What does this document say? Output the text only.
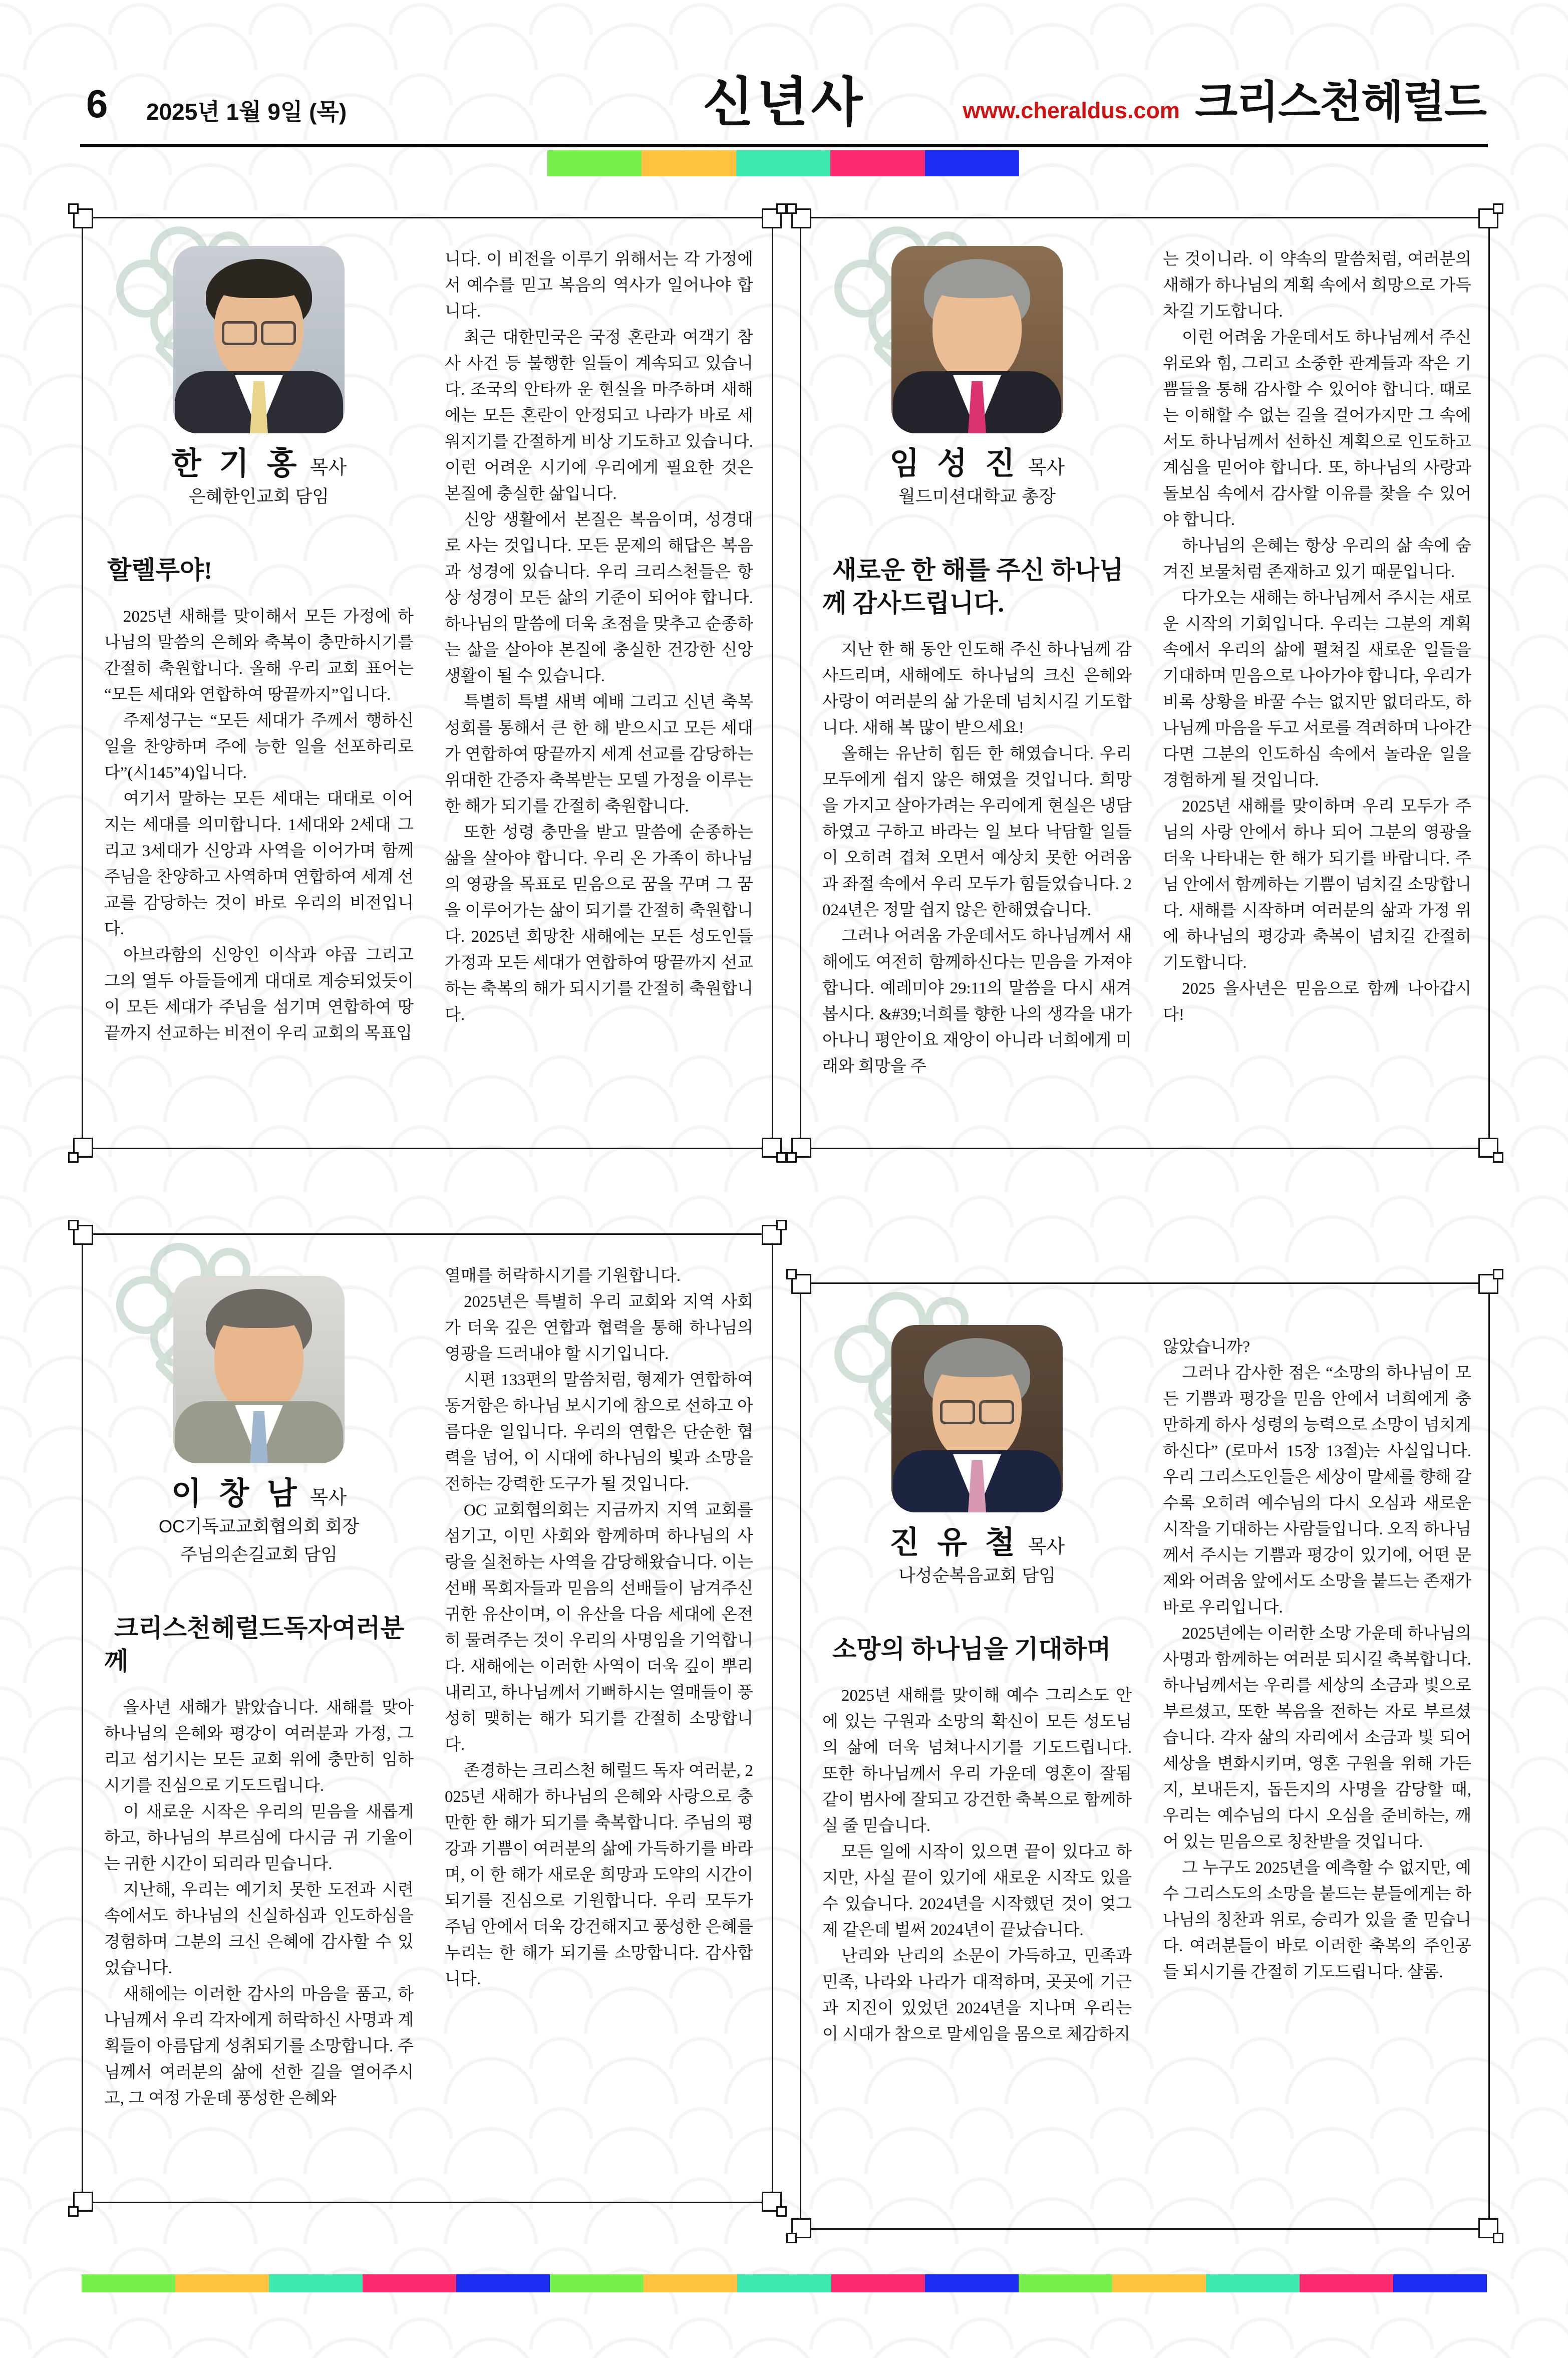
6 2025년 1월 9일 (목)	신년사	www.cheraldus.com 크리스천헤럴드
한 기 홍 목사
은혜한인교회 담임
할렐루야!

2025년 새해를 맞이해서 모든 가정에 하나님의 말씀의 은혜와 축복이 충만하시기를 간절히 축원합니다. 올해 우리 교회 표어는 “모든 세대와 연합하여 땅끝까지”입니다.

주제성구는 “모든 세대가 주께서 행하신 일을 찬양하며 주에 능한 일을 선포하리로다”(시145”4)입니다.

여기서 말하는 모든 세대는 대대로 이어지는 세대를 의미합니다. 1세대와 2세대 그리고 3세대가 신앙과 사역을 이어가며 함께 주님을 찬양하고 사역하며 연합하여 세계 선교를 감당하는 것이 바로 우리의 비전입니다.

아브라함의 신앙인 이삭과 야곱 그리고 그의 열두 아들들에게 대대로 계승되었듯이 이 모든 세대가 주님을 섬기며 연합하여 땅끝까지 선교하는 비전이 우리 교회의 목표입

니다. 이 비전을 이루기 위해서는 각 가정에서 예수를 믿고 복음의 역사가 일어나야 합니다.

최근 대한민국은 국정 혼란과 여객기 참사 사건 등 불행한 일들이 계속되고 있습니다. 조국의 안타까 운 현실을 마주하며 새해에는 모든 혼란이 안정되고 나라가 바로 세워지기를 간절하게 비상 기도하고 있습니다. 이런 어려운 시기에 우리에게 필요한 것은 본질에 충실한 삶입니다.

신앙 생활에서 본질은 복음이며, 성경대로 사는 것입니다. 모든 문제의 해답은 복음과 성경에 있습니다. 우리 크리스천들은 항상 성경이 모든 삶의 기준이 되어야 합니다. 하나님의 말씀에 더욱 초점을 맞추고 순종하는 삶을 살아야 본질에 충실한 건강한 신앙 생활이 될 수 있습니다.

특별히 특별 새벽 예배 그리고 신년 축복성회를 통해서 큰 한 해 받으시고 모든 세대가 연합하여 땅끝까지 세계 선교를 감당하는 위대한 간증자 축복받는 모델 가정을 이루는 한 해가 되기를 간절히 축원합니다.

또한 성령 충만을 받고 말씀에 순종하는 삶을 살아야 합니다. 우리 온 가족이 하나님의 영광을 목표로 믿음으로 꿈을 꾸며 그 꿈을 이루어가는 삶이 되기를 간절히 축원합니다. 2025년 희망찬 새해에는 모든 성도인들 가정과 모든 세대가 연합하여 땅끝까지 선교하는 축복의 해가 되시기를 간절히 축원합니다.

임 성 진 목사
월드미션대학교 총장
새로운 한 해를 주신 하나님께 감사드립니다.

지난 한 해 동안 인도해 주신 하나님께 감사드리며, 새해에도 하나님의 크신 은혜와 사랑이 여러분의 삶 가운데 넘치시길 기도합니다. 새해 복 많이 받으세요!

올해는 유난히 힘든 한 해였습니다. 우리 모두에게 쉽지 않은 해였을 것입니다. 희망을 가지고 살아가려는 우리에게 현실은 냉담하였고 구하고 바라는 일 보다 낙담할 일들이 오히려 겹쳐 오면서 예상치 못한 어려움과 좌절 속에서 우리 모두가 힘들었습니다. 2024년은 정말 쉽지 않은 한해였습니다.

그러나 어려움 가운데서도 하나님께서 새해에도 여전히 함께하신다는 믿음을 가져야 합니다. 예레미야 29:11의 말씀을 다시 새겨 봅시다. &#39;너희를 향한 나의 생각을 내가 아나니 평안이요 재앙이 아니라 너희에게 미래와 희망을 주

는 것이니라. 이 약속의 말씀처럼, 여러분의 새해가 하나님의 계획 속에서 희망으로 가득 차길 기도합니다.

이런 어려움 가운데서도 하나님께서 주신 위로와 힘, 그리고 소중한 관계들과 작은 기쁨들을 통해 감사할 수 있어야 합니다. 때로는 이해할 수 없는 길을 걸어가지만 그 속에서도 하나님께서 선하신 계획으로 인도하고 계심을 믿어야 합니다. 또, 하나님의 사랑과 돌보심 속에서 감사할 이유를 찾을 수 있어야 합니다.

하나님의 은혜는 항상 우리의 삶 속에 숨겨진 보물처럼 존재하고 있기 때문입니다.

다가오는 새해는 하나님께서 주시는 새로운 시작의 기회입니다. 우리는 그분의 계획 속에서 우리의 삶에 펼쳐질 새로운 일들을 기대하며 믿음으로 나아가야 합니다, 우리가 비록 상황을 바꿀 수는 없지만 없더라도, 하나님께 마음을 두고 서로를 격려하며 나아간다면 그분의 인도하심 속에서 놀라운 일을 경험하게 될 것입니다.

2025년 새해를 맞이하며 우리 모두가 주님의 사랑 안에서 하나 되어 그분의 영광을 더욱 나타내는 한 해가 되기를 바랍니다. 주님 안에서 함께하는 기쁨이 넘치길 소망합니다. 새해를 시작하며 여러분의 삶과 가정 위에 하나님의 평강과 축복이 넘치길 간절히 기도합니다.

2025 을사년은 믿음으로 함께 나아갑시다!

이 창 남 목사
OC기독교교회협의회 회장
주님의손길교회 담임
크리스천헤럴드독자여러분께

을사년 새해가 밝았습니다. 새해를 맞아 하나님의 은혜와 평강이 여러분과 가정, 그리고 섬기시는 모든 교회 위에 충만히 임하시기를 진심으로 기도드립니다.

이 새로운 시작은 우리의 믿음을 새롭게 하고, 하나님의 부르심에 다시금 귀 기울이는 귀한 시간이 되리라 믿습니다.

지난해, 우리는 예기치 못한 도전과 시련 속에서도 하나님의 신실하심과 인도하심을 경험하며 그분의 크신 은혜에 감사할 수 있었습니다.

새해에는 이러한 감사의 마음을 품고, 하나님께서 우리 각자에게 허락하신 사명과 계획들이 아름답게 성취되기를 소망합니다. 주님께서 여러분의 삶에 선한 길을 열어주시고, 그 여정 가운데 풍성한 은혜와

열매를 허락하시기를 기원합니다.

2025년은 특별히 우리 교회와 지역 사회가 더욱 깊은 연합과 협력을 통해 하나님의 영광을 드러내야 할 시기입니다.

시편 133편의 말씀처럼, 형제가 연합하여 동거함은 하나님 보시기에 참으로 선하고 아름다운 일입니다. 우리의 연합은 단순한 협력을 넘어, 이 시대에 하나님의 빛과 소망을 전하는 강력한 도구가 될 것입니다.

OC 교회협의회는 지금까지 지역 교회를 섬기고, 이민 사회와 함께하며 하나님의 사랑을 실천하는 사역을 감당해왔습니다. 이는 선배 목회자들과 믿음의 선배들이 남겨주신 귀한 유산이며, 이 유산을 다음 세대에 온전히 물려주는 것이 우리의 사명임을 기억합니다. 새해에는 이러한 사역이 더욱 깊이 뿌리내리고, 하나님께서 기뻐하시는 열매들이 풍성히 맺히는 해가 되기를 간절히 소망합니다.

존경하는 크리스천 헤럴드 독자 여러분, 2025년 새해가 하나님의 은혜와 사랑으로 충만한 한 해가 되기를 축복합니다. 주님의 평강과 기쁨이 여러분의 삶에 가득하기를 바라며, 이 한 해가 새로운 희망과 도약의 시간이 되기를 진심으로 기원합니다. 우리 모두가 주님 안에서 더욱 강건해지고 풍성한 은혜를 누리는 한 해가 되기를 소망합니다. 감사합니다.

진 유 철 목사
나성순복음교회 담임
소망의 하나님을 기대하며

2025년 새해를 맞이해 예수 그리스도 안에 있는 구원과 소망의 확신이 모든 성도님의 삶에 더욱 넘쳐나시기를 기도드립니다. 또한 하나님께서 우리 가운데 영혼이 잘됨 같이 범사에 잘되고 강건한 축복으로 함께하실 줄 믿습니다.

모든 일에 시작이 있으면 끝이 있다고 하지만, 사실 끝이 있기에 새로운 시작도 있을 수 있습니다. 2024년을 시작했던 것이 엊그제 같은데 벌써 2024년이 끝났습니다.

난리와 난리의 소문이 가득하고, 민족과 민족, 나라와 나라가 대적하며, 곳곳에 기근과 지진이 있었던 2024년을 지나며 우리는 이 시대가 참으로 말세임을 몸으로 체감하지

않았습니까?

그러나 감사한 점은 “소망의 하나님이 모든 기쁨과 평강을 믿음 안에서 너희에게 충만하게 하사 성령의 능력으로 소망이 넘치게 하신다” (로마서 15장 13절)는 사실입니다. 우리 그리스도인들은 세상이 말세를 향해 갈수록 오히려 예수님의 다시 오심과 새로운 시작을 기대하는 사람들입니다. 오직 하나님께서 주시는 기쁨과 평강이 있기에, 어떤 문제와 어려움 앞에서도 소망을 붙드는 존재가 바로 우리입니다.

2025년에는 이러한 소망 가운데 하나님의 사명과 함께하는 여러분 되시길 축복합니다. 하나님께서는 우리를 세상의 소금과 빛으로 부르셨고, 또한 복음을 전하는 자로 부르셨습니다. 각자 삶의 자리에서 소금과 빛 되어 세상을 변화시키며, 영혼 구원을 위해 가든지, 보내든지, 돕든지의 사명을 감당할 때, 우리는 예수님의 다시 오심을 준비하는, 깨어 있는 믿음으로 칭찬받을 것입니다.

그 누구도 2025년을 예측할 수 없지만, 예수 그리스도의 소망을 붙드는 분들에게는 하나님의 칭찬과 위로, 승리가 있을 줄 믿습니다. 여러분들이 바로 이러한 축복의 주인공들 되시기를 간절히 기도드립니다. 샬롬.
